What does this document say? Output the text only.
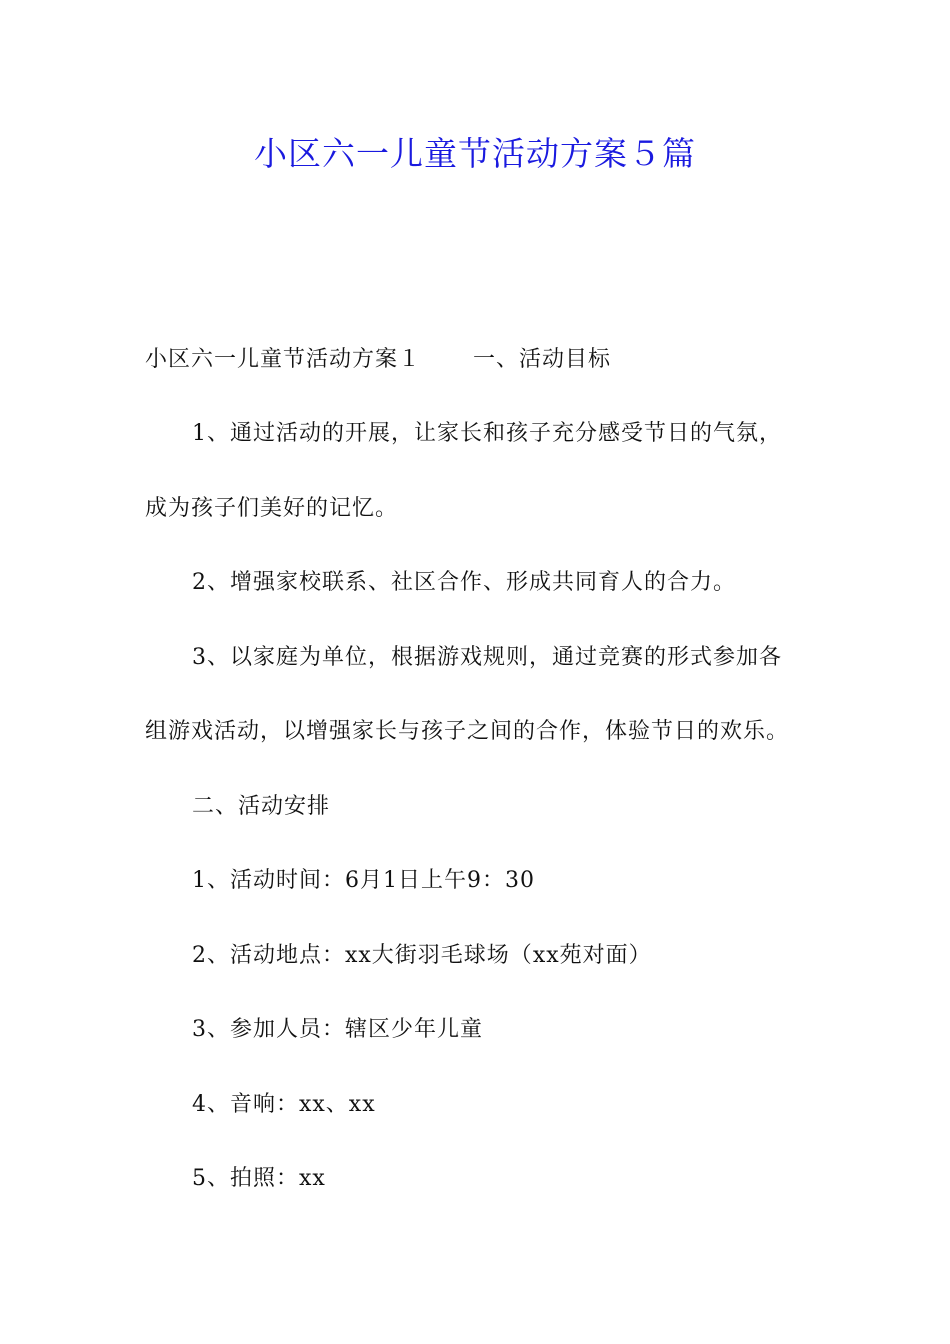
小区六一儿童节活动方案５篇

小区六一儿童节活动方案１ 一、活动目标

1、通过活动的开展，让家长和孩子充分感受节日的气氛，

成为孩子们美好的记忆。

2、增强家校联系、社区合作、形成共同育人的合力。

3、以家庭为单位，根据游戏规则，通过竞赛的形式参加各

组游戏活动，以增强家长与孩子之间的合作，体验节日的欢乐。

二、活动安排

1、活动时间：6月1日上午9：30

2、活动地点：xx大街羽毛球场（xx苑对面）

3、参加人员：辖区少年儿童

4、音响：xx、xx

5、拍照：xx
